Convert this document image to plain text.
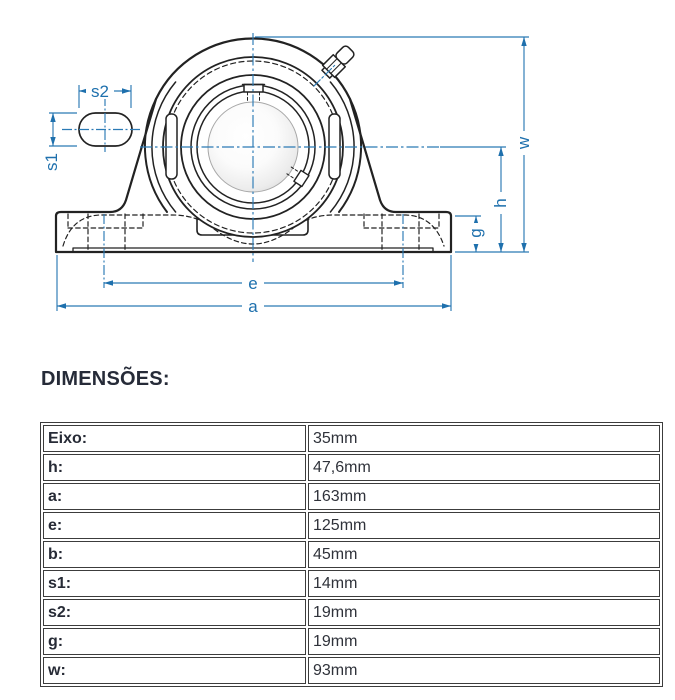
s2
s1
w
h
g
e
a
DIMENSÕES:
Eixo:	35mm
h:	47,6mm
a:	163mm
e:	125mm
b:	45mm
s1:	14mm
s2:	19mm
g:	19mm
w:	93mm
